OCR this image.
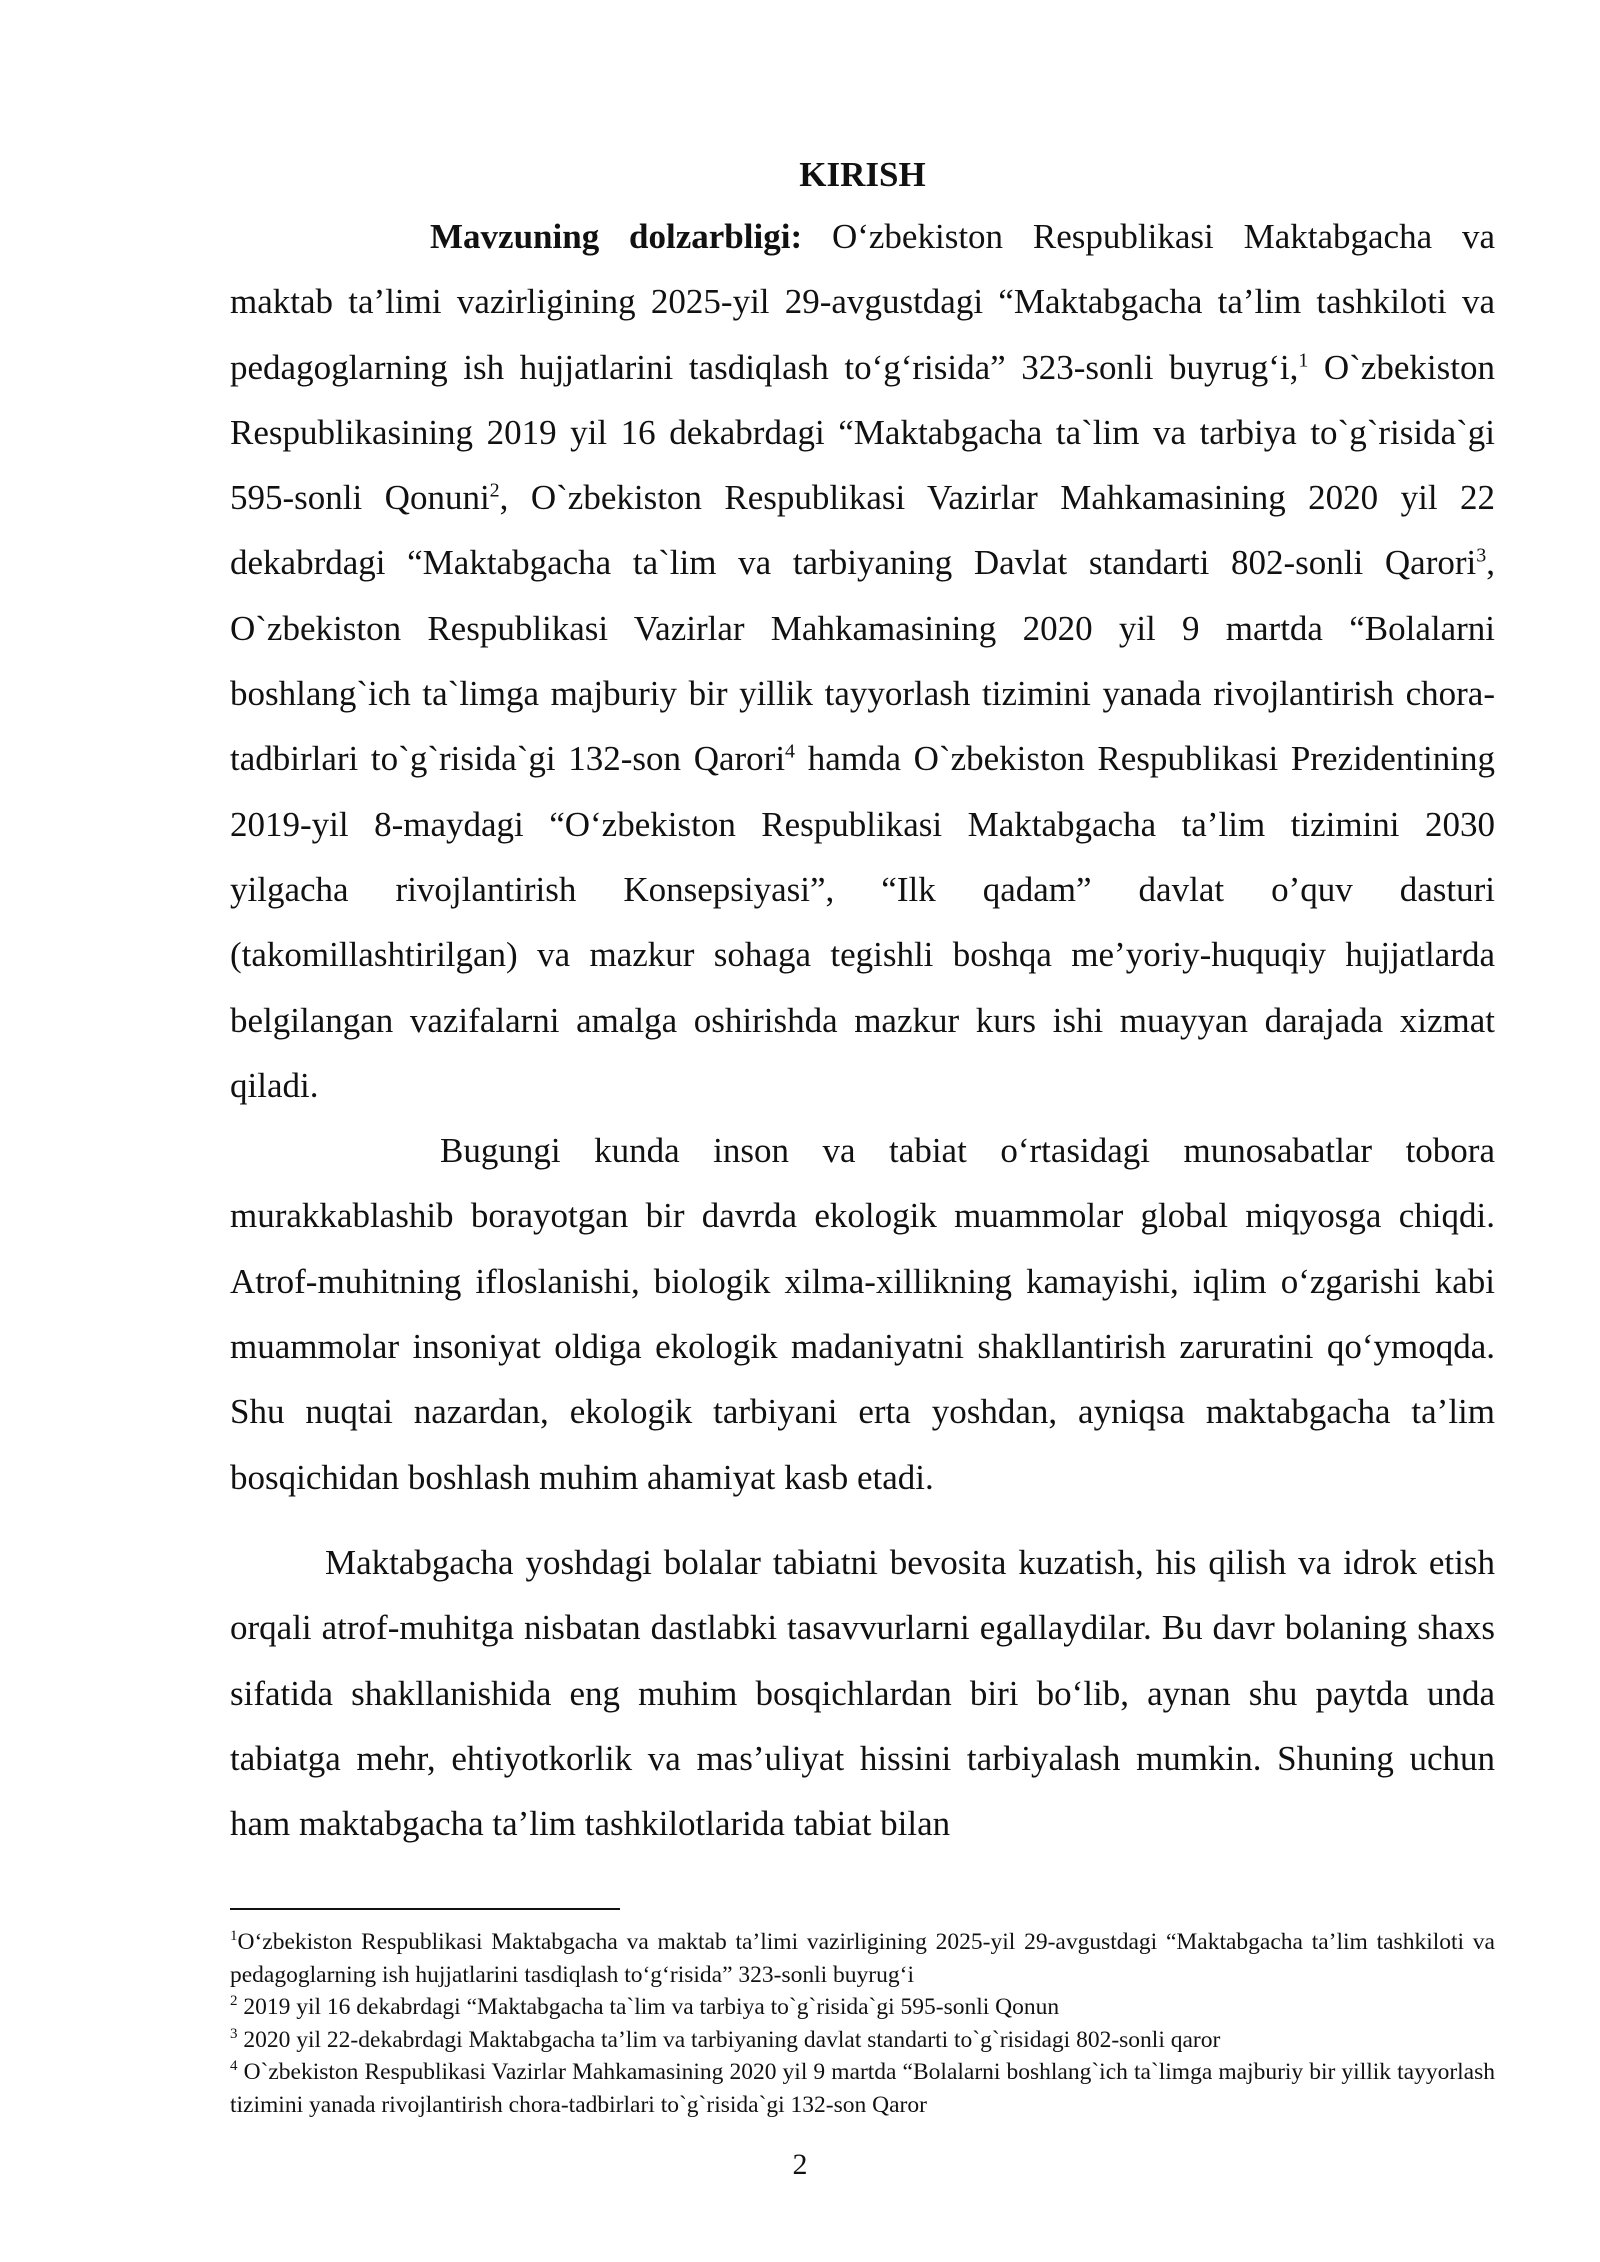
KIRISH

Mavzuning dolzarbligi: O‘zbekiston Respublikasi Maktabgacha va maktab ta’limi vazirligining 2025-yil 29-avgustdagi “Maktabgacha ta’lim tashkiloti va pedagoglarning ish hujjatlarini tasdiqlash to‘g‘risida” 323-sonli buyrug‘i,$^1$ O`zbekiston Respublikasining 2019 yil 16 dekabrdagi “Maktabgacha ta`lim va tarbiya to`g`risida`gi 595-sonli Qonuni$^2$, O`zbekiston Respublikasi Vazirlar Mahkamasining 2020 yil 22 dekabrdagi “Maktabgacha ta`lim va tarbiyaning Davlat standarti 802-sonli Qarori$^3$, O`zbekiston Respublikasi Vazirlar Mahkamasining 2020 yil 9 martda “Bolalarni boshlang`ich ta`limga majburiy bir yillik tayyorlash tizimini yanada rivojlantirish chora-tadbirlari to`g`risida`gi 132-son Qarori$^4$ hamda O`zbekiston Respublikasi Prezidentining 2019-yil 8-maydagi “O‘zbekiston Respublikasi Maktabgacha ta’lim tizimini 2030 yilgacha rivojlantirish Konsepsiyasi”, “Ilk qadam” davlat o’quv dasturi (takomillashtirilgan) va mazkur sohaga tegishli boshqa me’yoriy-huquqiy hujjatlarda belgilangan vazifalarni amalga oshirishda mazkur kurs ishi muayyan darajada xizmat qiladi.

Bugungi kunda inson va tabiat o‘rtasidagi munosabatlar tobora murakkablashib borayotgan bir davrda ekologik muammolar global miqyosga chiqdi. Atrof-muhitning ifloslanishi, biologik xilma-xillikning kamayishi, iqlim o‘zgarishi kabi muammolar insoniyat oldiga ekologik madaniyatni shakllantirish zaruratini qo‘ymoqda. Shu nuqtai nazardan, ekologik tarbiyani erta yoshdan, ayniqsa maktabgacha ta’lim bosqichidan boshlash muhim ahamiyat kasb etadi.

Maktabgacha yoshdagi bolalar tabiatni bevosita kuzatish, his qilish va idrok etish orqali atrof-muhitga nisbatan dastlabki tasavvurlarni egallaydilar. Bu davr bolaning shaxs sifatida shakllanishida eng muhim bosqichlardan biri bo‘lib, aynan shu paytda unda tabiatga mehr, ehtiyotkorlik va mas’uliyat hissini tarbiyalash mumkin. Shuning uchun ham maktabgacha ta’lim tashkilotlarida tabiat bilan

$^1$O‘zbekiston Respublikasi Maktabgacha va maktab ta’limi vazirligining 2025-yil 29-avgustdagi “Maktabgacha ta’lim tashkiloti va pedagoglarning ish hujjatlarini tasdiqlash to‘g‘risida” 323-sonli buyrug‘i

$^2$ 2019 yil 16 dekabrdagi “Maktabgacha ta`lim va tarbiya to`g`risida`gi 595-sonli Qonun

$^3$ 2020 yil 22-dekabrdagi Maktabgacha ta’lim va tarbiyaning davlat standarti to`g`risidagi 802-sonli qaror

$^4$ O`zbekiston Respublikasi Vazirlar Mahkamasining 2020 yil 9 martda “Bolalarni boshlang`ich ta`limga majburiy bir yillik tayyorlash tizimini yanada rivojlantirish chora-tadbirlari to`g`risida`gi 132-son Qaror

2
